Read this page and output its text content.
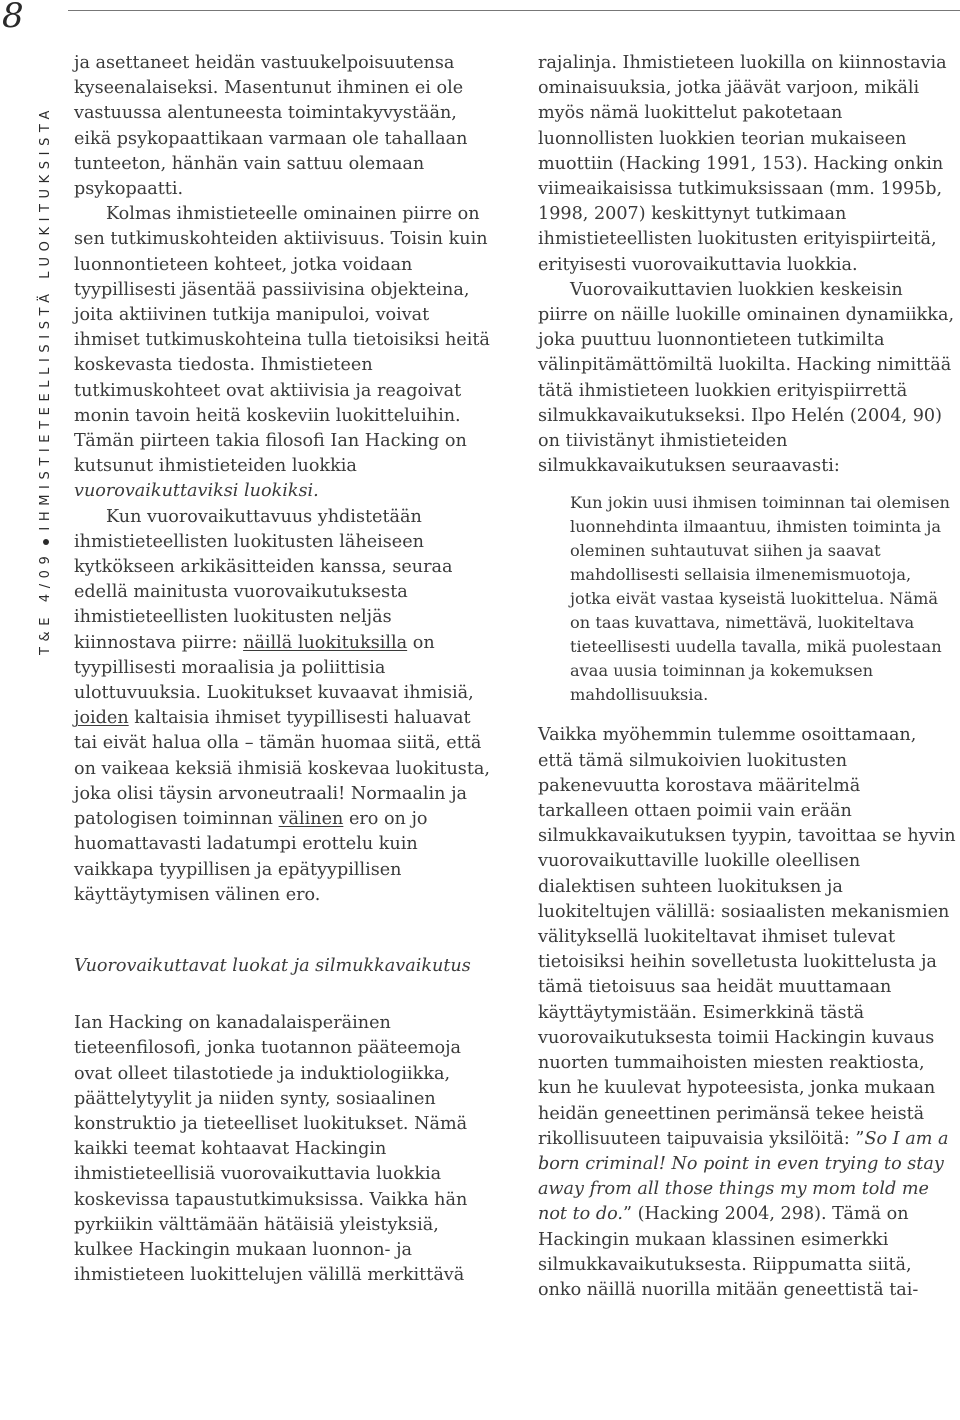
8
T&E 4/09IHMISTIETEELLISISTÄ LUOKITUKSISTA

ja asettaneet heidän vastuukelpoisuutensa kyseenalaiseksi. Masentunut ihminen ei ole vastuussa alentuneesta toimintakyvystään, eikä psykopaattikaan varmaan ole tahallaan tunteeton, hänhän vain sattuu olemaan psykopaatti.

Kolmas ihmistieteelle ominainen piirre on sen tutkimuskohteiden aktiivisuus. Toisin kuin luonnontieteen kohteet, jotka voidaan tyypillisesti jäsentää passiivisina objekteina, joita aktiivinen tutkija manipuloi, voivat ihmiset tutkimuskohteina tulla tietoisiksi heitä koskevasta tiedosta. Ihmistieteen tutkimuskohteet ovat aktiivisia ja reagoivat monin tavoin heitä koskeviin luokitteluihin. Tämän piirteen takia filosofi Ian Hacking on kutsunut ihmistieteiden luokkia vuorovaikuttaviksi luokiksi.

Kun vuorovaikuttavuus yhdistetään ihmistieteellisten luokitusten läheiseen kytkökseen arkikäsitteiden kanssa, seuraa edellä mainitusta vuorovaikutuksesta ihmistieteellisten luokitusten neljäs kiinnostava piirre: näillä luokituksilla on tyypillisesti moraalisia ja poliittisia ulottuvuuksia. Luokitukset kuvaavat ihmisiä, joiden kaltaisia ihmiset tyypillisesti haluavat tai eivät halua olla – tämän huomaa siitä, että on vaikeaa keksiä ihmisiä koskevaa luokitusta, joka olisi täysin arvoneutraali! Normaalin ja patologisen toiminnan välinen ero on jo huomattavasti ladatumpi erottelu kuin vaikkapa tyypillisen ja epätyypillisen käyttäytymisen välinen ero.

Vuorovaikuttavat luokat ja silmukkavaikutus

Ian Hacking on kanadalaisperäinen tieteenfilosofi, jonka tuotannon pääteemoja ovat olleet tilastotiede ja induktiologiikka, päättelytyylit ja niiden synty, sosiaalinen konstruktio ja tieteelliset luokitukset. Nämä kaikki teemat kohtaavat Hackingin ihmistieteellisiä vuorovaikuttavia luokkia koskevissa tapaustutkimuksissa. Vaikka hän pyrkiikin välttämään hätäisiä yleistyksiä, kulkee Hackingin mukaan luonnon- ja ihmistieteen luokittelujen välillä merkittävä

rajalinja. Ihmistieteen luokilla on kiinnostavia ominaisuuksia, jotka jäävät varjoon, mikäli myös nämä luokittelut pakotetaan luonnollisten luokkien teorian mukaiseen muottiin (Hacking 1991, 153). Hacking onkin viimeaikaisissa tutkimuksissaan (mm. 1995b, 1998, 2007) keskittynyt tutkimaan ihmistieteellisten luokitusten erityispiirteitä, erityisesti vuorovaikuttavia luokkia.

Vuorovaikuttavien luokkien keskeisin piirre on näille luokille ominainen dynamiikka, joka puuttuu luonnontieteen tutkimilta välinpitämättömiltä luokilta. Hacking nimittää tätä ihmistieteen luokkien erityispiirrettä silmukkavaikutukseksi. Ilpo Helén (2004, 90) on tiivistänyt ihmistieteiden silmukkavaikutuksen seuraavasti:

Kun jokin uusi ihmisen toiminnan tai olemisen luonnehdinta ilmaantuu, ihmisten toiminta ja oleminen suhtautuvat siihen ja saavat mahdollisesti sellaisia ilmenemismuotoja, jotka eivät vastaa kyseistä luokittelua. Nämä on taas kuvattava, nimettävä, luokiteltava tieteellisesti uudella tavalla, mikä puolestaan avaa uusia toiminnan ja kokemuksen mahdollisuuksia.

Vaikka myöhemmin tulemme osoittamaan, että tämä silmukoivien luokitusten pakenevuutta korostava määritelmä tarkalleen ottaen poimii vain erään silmukkavaikutuksen tyypin, tavoittaa se hyvin vuorovaikuttaville luokille oleellisen dialektisen suhteen luokituksen ja luokiteltujen välillä: sosiaalisten mekanismien välityksellä luokiteltavat ihmiset tulevat tietoisiksi heihin sovelletusta luokittelusta ja tämä tietoisuus saa heidät muuttamaan käyttäytymistään. Esimerkkinä tästä vuorovaikutuksesta toimii Hackingin kuvaus nuorten tummaihoisten miesten reaktiosta, kun he kuulevat hypoteesista, jonka mukaan heidän geneettinen perimänsä tekee heistä rikollisuuteen taipuvaisia yksilöitä: ”So I am a born criminal! No point in even trying to stay away from all those things my mom told me not to do.” (Hacking 2004, 298). Tämä on Hackingin mukaan klassinen esimerkki silmukkavaikutuksesta. Riippumatta siitä, onko näillä nuorilla mitään geneettistä tai-
